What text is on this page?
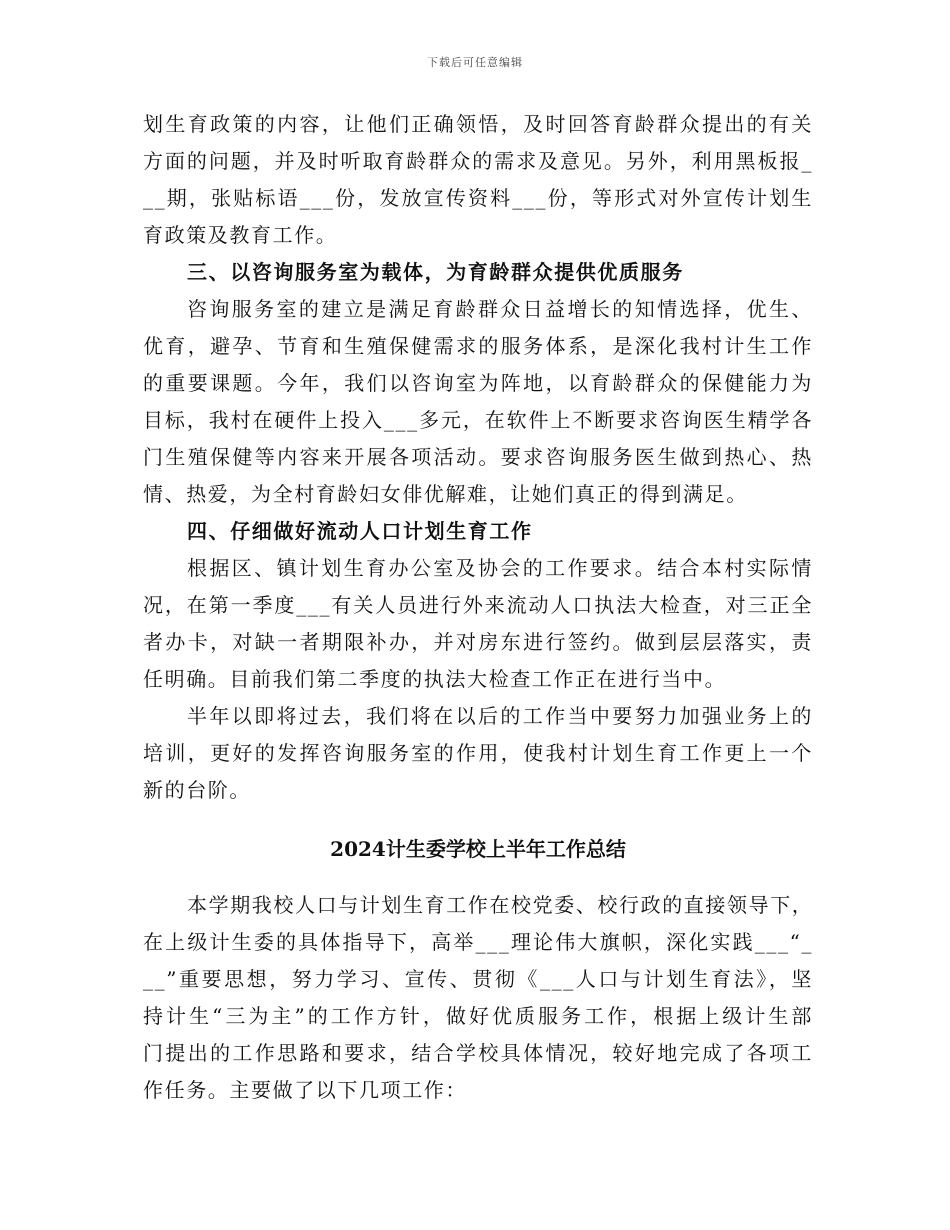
下载后可任意编辑
划生育政策的内容，让他们正确领悟，及时回答育龄群众提出的有关
方面的问题，并及时听取育龄群众的需求及意见。另外，利用黑板报_
__期，张贴标语___份，发放宣传资料___份，等形式对外宣传计划生
育政策及教育工作。
三、以咨询服务室为载体，为育龄群众提供优质服务
咨询服务室的建立是满足育龄群众日益增长的知情选择，优生、
优育，避孕、节育和生殖保健需求的服务体系，是深化我村计生工作
的重要课题。今年，我们以咨询室为阵地，以育龄群众的保健能力为
目标，我村在硬件上投入___多元，在软件上不断要求咨询医生精学各
门生殖保健等内容来开展各项活动。要求咨询服务医生做到热心、热
情、热爱，为全村育龄妇女俳优解难，让她们真正的得到满足。
四、仔细做好流动人口计划生育工作
根据区、镇计划生育办公室及协会的工作要求。结合本村实际情
况，在第一季度___有关人员进行外来流动人口执法大检查，对三正全
者办卡，对缺一者期限补办，并对房东进行签约。做到层层落实，责
任明确。目前我们第二季度的执法大检查工作正在进行当中。
半年以即将过去，我们将在以后的工作当中要努力加强业务上的
培训，更好的发挥咨询服务室的作用，使我村计划生育工作更上一个
新的台阶。
2024计生委学校上半年工作总结
本学期我校人口与计划生育工作在校党委、校行政的直接领导下，
在上级计生委的具体指导下，高举___理论伟大旗帜，深化实践___“_
__”重要思想，努力学习、宣传、贯彻《___人口与计划生育法》，坚
持计生“三为主”的工作方针，做好优质服务工作，根据上级计生部
门提出的工作思路和要求，结合学校具体情况，较好地完成了各项工
作任务。主要做了以下几项工作：
